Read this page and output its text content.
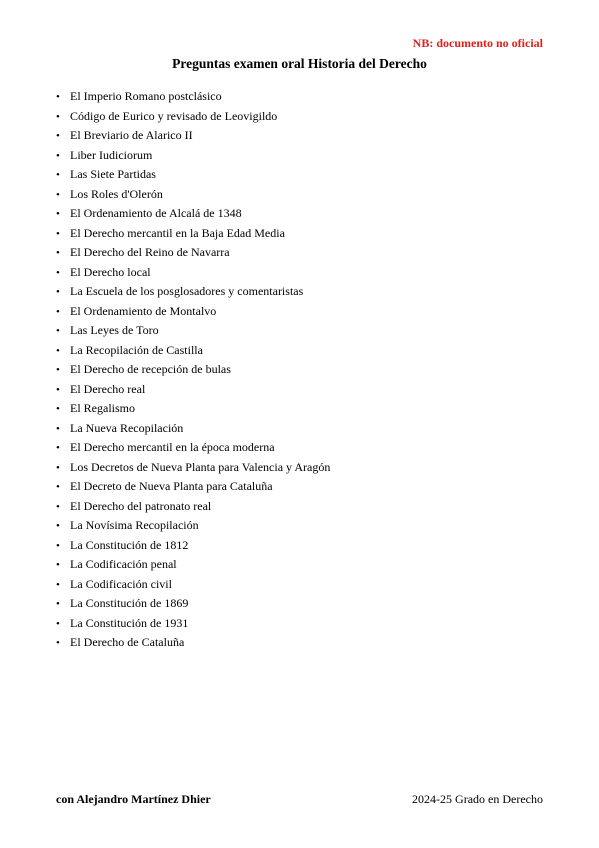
NB: documento no oficial
Preguntas examen oral Historia del Derecho
• El Imperio Romano postclásico
• Código de Eurico y revisado de Leovigildo
• El Breviario de Alarico II
• Liber Iudiciorum
• Las Siete Partidas
• Los Roles d'Olerón
• El Ordenamiento de Alcalá de 1348
• El Derecho mercantil en la Baja Edad Media
• El Derecho del Reino de Navarra
• El Derecho local
• La Escuela de los posglosadores y comentaristas
• El Ordenamiento de Montalvo
• Las Leyes de Toro
• La Recopilación de Castilla
• El Derecho de recepción de bulas
• El Derecho real
• El Regalismo
• La Nueva Recopilación
• El Derecho mercantil en la época moderna
• Los Decretos de Nueva Planta para Valencia y Aragón
• El Decreto de Nueva Planta para Cataluña
• El Derecho del patronato real
• La Novísima Recopilación
• La Constitución de 1812
• La Codificación penal
• La Codificación civil
• La Constitución de 1869
• La Constitución de 1931
• El Derecho de Cataluña
con Alejandro Martínez Dhier	2024-25 Grado en Derecho
